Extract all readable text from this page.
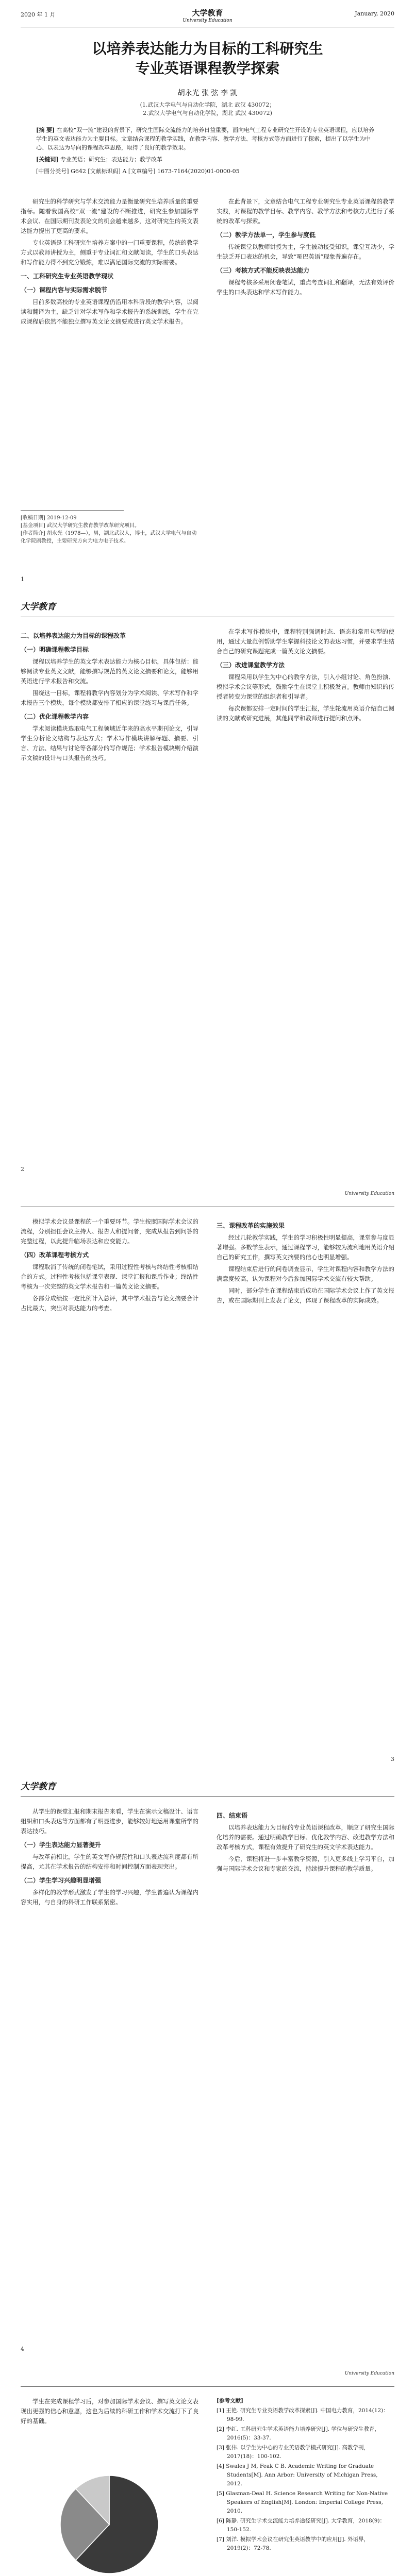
2020 年 1 月	大学教育
University Education
January, 2020
以培养表达能力为目标的工科研究生
专业英语课程教学探索
胡永光 张 弦 李 凯
(1.武汉大学电气与自动化学院，湖北 武汉 430072；
2.武汉大学电气与自动化学院，湖北 武汉 430072)
[摘 要] 在高校“双一流”建设的背景下，研究生国际交流能力的培养日益重要，面向电气工程专业研究生开设的专业英语课程，应以培养学生的英文表达能力为主要目标。文章结合课程的教学实践，在教学内容、教学方法、考核方式等方面进行了探索，提出了以学生为中心、以表达为导向的课程改革思路，取得了良好的教学效果。
[关键词] 专业英语；研究生；表达能力；教学改革
[中图分类号] G642 [文献标识码] A [文章编号] 1673-7164(2020)01-0000-05

研究生的科学研究与学术交流能力是衡量研究生培养质量的重要指标。随着我国高校“双一流”建设的不断推进，研究生参加国际学术会议、在国际期刊发表论文的机会越来越多，这对研究生的英文表达能力提出了更高的要求。

专业英语是工科研究生培养方案中的一门重要课程，传统的教学方式以教师讲授为主，侧重于专业词汇和文献阅读，学生的口头表达和写作能力得不到充分锻炼，难以满足国际交流的实际需要。

一、工科研究生专业英语教学现状
（一）课程内容与实际需求脱节

目前多数高校的专业英语课程仍沿用本科阶段的教学内容，以阅读和翻译为主，缺乏针对学术写作和学术报告的系统训练，学生在完成课程后依然不能独立撰写英文论文摘要或进行英文学术报告。

在此背景下，文章结合电气工程专业研究生专业英语课程的教学实践，对课程的教学目标、教学内容、教学方法和考核方式进行了系统的改革与探索。

（二）教学方法单一，学生参与度低

传统课堂以教师讲授为主，学生被动接受知识，课堂互动少，学生缺乏开口表达的机会，导致“哑巴英语”现象普遍存在。

（三）考核方式不能反映表达能力

课程考核多采用闭卷笔试，重点考查词汇和翻译，无法有效评价学生的口头表达和学术写作能力。

[收稿日期] 2019-12-09
[基金项目] 武汉大学研究生教育教学改革研究项目。
[作者简介] 胡永光（1978—），男，湖北武汉人，博士，武汉大学电气与自动化学院副教授，主要研究方向为电力电子技术。
1
大学教育
二、以培养表达能力为目标的课程改革
（一）明确课程教学目标

课程以培养学生的英文学术表达能力为核心目标，具体包括：能够阅读专业英文文献，能够撰写规范的英文论文摘要和论文，能够用英语进行学术报告和交流。

围绕这一目标，课程将教学内容划分为学术阅读、学术写作和学术报告三个模块，每个模块都安排了相应的课堂练习与课后任务。

（二）优化课程教学内容

学术阅读模块选取电气工程领域近年来的高水平期刊论文，引导学生分析论文结构与表达方式；学术写作模块讲解标题、摘要、引言、方法、结果与讨论等各部分的写作规范；学术报告模块则介绍演示文稿的设计与口头报告的技巧。

在学术写作模块中，课程特别强调时态、语态和常用句型的使用，通过大量范例帮助学生掌握科技论文的表达习惯，并要求学生结合自己的研究课题完成一篇英文论文摘要。

（三）改进课堂教学方法

课程采用以学生为中心的教学方法，引入小组讨论、角色扮演、模拟学术会议等形式，鼓励学生在课堂上积极发言。教师由知识的传授者转变为课堂的组织者和引导者。

每次课都安排一定时间的学生汇报，学生轮流用英语介绍自己阅读的文献或研究进展，其他同学和教师进行提问和点评。

2
University Education

模拟学术会议是课程的一个重要环节。学生按照国际学术会议的流程，分别担任会议主持人、报告人和提问者，完成从报告到问答的完整过程，以此提升临场表达和应变能力。

（四）改革课程考核方式

课程取消了传统的闭卷笔试，采用过程性考核与终结性考核相结合的方式。过程性考核包括课堂表现、课堂汇报和课后作业；终结性考核为一次完整的英文学术报告和一篇英文论文摘要。

各部分成绩按一定比例计入总评，其中学术报告与论文摘要合计占比最大，突出对表达能力的考查。

三、课程改革的实施效果

经过几轮教学实践，学生的学习积极性明显提高，课堂参与度显著增强。多数学生表示，通过课程学习，能够较为流利地用英语介绍自己的研究工作，撰写英文摘要的信心也明显增强。

课程结束后进行的问卷调查显示，学生对课程内容和教学方法的满意度较高，认为课程对今后参加国际学术交流有较大帮助。

同时，部分学生在课程结束后成功在国际学术会议上作了英文报告，或在国际期刊上发表了论文，体现了课程改革的实际成效。

3
大学教育

从学生的课堂汇报和期末报告来看，学生在演示文稿设计、语言组织和口头表达等方面都有了明显进步，能够较好地运用课堂所学的表达技巧。

（一）学生表达能力显著提升

与改革前相比，学生的英文写作规范性和口头表达流利度都有所提高，尤其在学术报告的结构安排和时间控制方面表现突出。

（二）学生学习兴趣明显增强

多样化的教学形式激发了学生的学习兴趣，学生普遍认为课程内容实用，与自身的科研工作联系紧密。

四、结束语

以培养表达能力为目标的专业英语课程改革，顺应了研究生国际化培养的需要。通过明确教学目标、优化教学内容、改进教学方法和改革考核方式，课程有效提升了研究生的英文学术表达能力。

今后，课程将进一步丰富教学资源，引入更多线上学习平台，加强与国际学术会议和专家的交流，持续提升课程的教学质量。

4
University Education

学生在完成课程学习后，对参加国际学术会议、撰写英文论文表现出更强的信心和意愿，这也为后续的科研工作和学术交流打下了良好的基础。

[参考文献]
[1] 王艳. 研究生专业英语教学改革探索[J]. 中国电力教育，2014(12)：98-99.
[2] 李红. 工科研究生学术英语能力培养研究[J]. 学位与研究生教育，2016(5)：33-37.
[3] 张伟. 以学生为中心的专业英语教学模式研究[J]. 高教学刊，2017(18)：100-102.
[4] Swales J M, Feak C B. Academic Writing for Graduate Students[M]. Ann Arbor: University of Michigan Press, 2012.
[5] Glasman-Deal H. Science Research Writing for Non-Native Speakers of English[M]. London: Imperial College Press, 2010.
[6] 陈静. 研究生学术交流能力培养途径研究[J]. 大学教育，2018(9)：150-152.
[7] 刘洋. 模拟学术会议在研究生英语教学中的应用[J]. 外语界，2019(2)：72-78.
